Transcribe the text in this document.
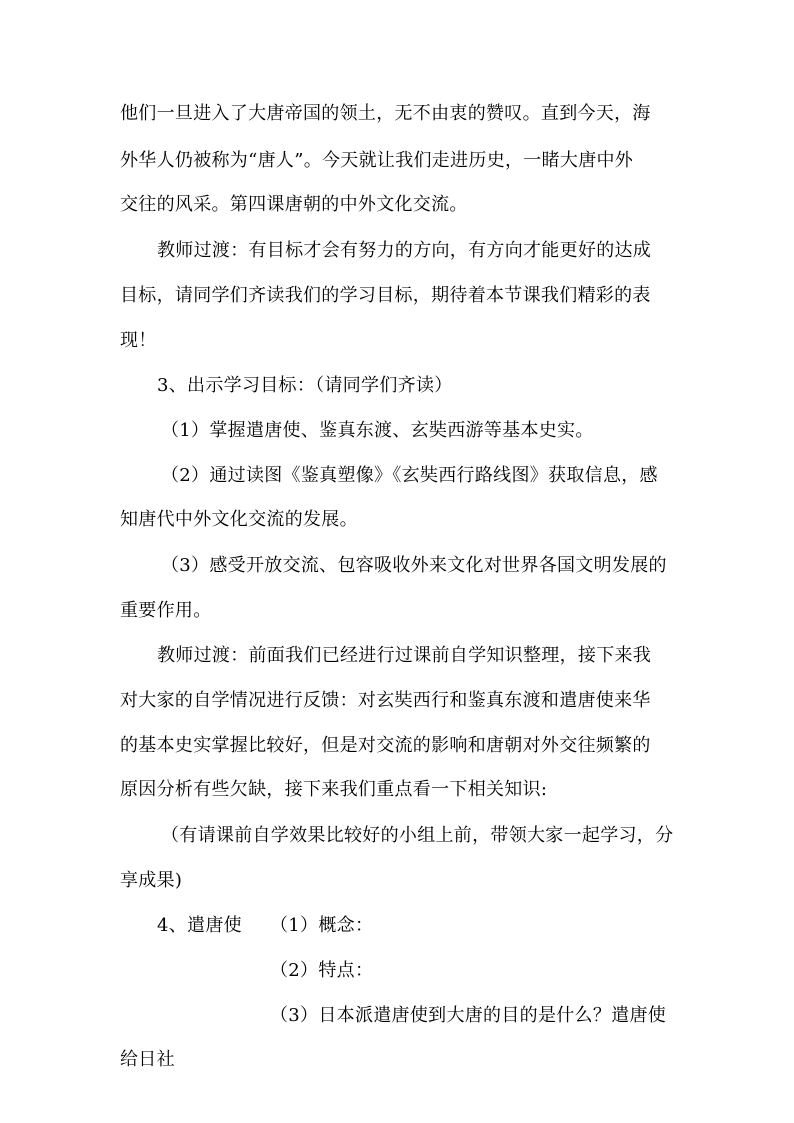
他们一旦进入了大唐帝国的领土，无不由衷的赞叹。直到今天，海
外华人仍被称为“唐人”。今天就让我们走进历史，一睹大唐中外
交往的风采。第四课唐朝的中外文化交流。
教师过渡：有目标才会有努力的方向，有方向才能更好的达成
目标，请同学们齐读我们的学习目标，期待着本节课我们精彩的表
现！
3、出示学习目标：（请同学们齐读）
（1）掌握遣唐使、鉴真东渡、玄奘西游等基本史实。
（2）通过读图《鉴真塑像》《玄奘西行路线图》获取信息，感
知唐代中外文化交流的发展。
（3）感受开放交流、包容吸收外来文化对世界各国文明发展的
重要作用。
教师过渡：前面我们已经进行过课前自学知识整理，接下来我
对大家的自学情况进行反馈：对玄奘西行和鉴真东渡和遣唐使来华
的基本史实掌握比较好，但是对交流的影响和唐朝对外交往频繁的
原因分析有些欠缺，接下来我们重点看一下相关知识:
（有请课前自学效果比较好的小组上前，带领大家一起学习，分
享成果)
4、遣唐使 （1）概念：
（2）特点：
（3）日本派遣唐使到大唐的目的是什么？遣唐使
给日社
